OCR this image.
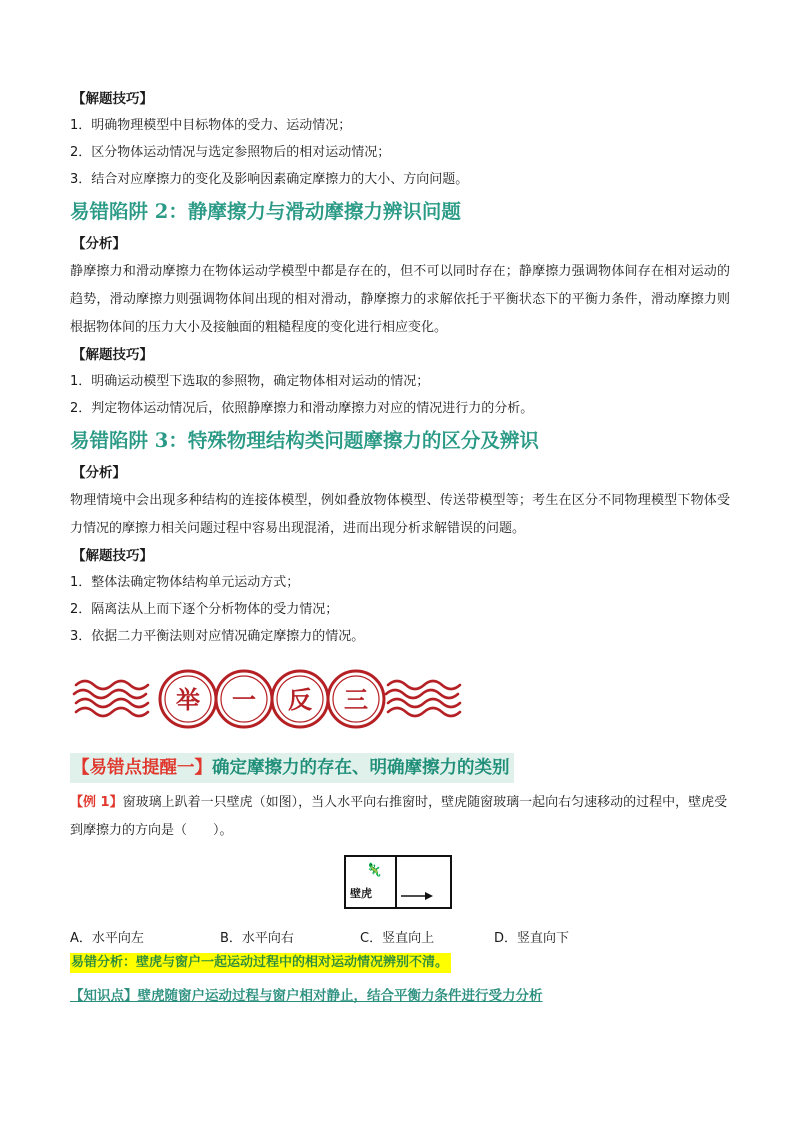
【解题技巧】
1．明确物理模型中目标物体的受力、运动情况；
2．区分物体运动情况与选定参照物后的相对运动情况；
3．结合对应摩擦力的变化及影响因素确定摩擦力的大小、方向问题。
易错陷阱 2：静摩擦力与滑动摩擦力辨识问题
【分析】
静摩擦力和滑动摩擦力在物体运动学模型中都是存在的，但不可以同时存在；静摩擦力强调物体间存在相对运动的趋势，滑动摩擦力则强调物体间出现的相对滑动，静摩擦力的求解依托于平衡状态下的平衡力条件，滑动摩擦力则根据物体间的压力大小及接触面的粗糙程度的变化进行相应变化。
【解题技巧】
1．明确运动模型下选取的参照物，确定物体相对运动的情况；
2．判定物体运动情况后，依照静摩擦力和滑动摩擦力对应的情况进行力的分析。
易错陷阱 3：特殊物理结构类问题摩擦力的区分及辨识
【分析】
物理情境中会出现多种结构的连接体模型，例如叠放物体模型、传送带模型等；考生在区分不同物理模型下物体受力情况的摩擦力相关问题过程中容易出现混淆，进而出现分析求解错误的问题。
【解题技巧】
1．整体法确定物体结构单元运动方式；
2．隔离法从上而下逐个分析物体的受力情况；
3．依据二力平衡法则对应情况确定摩擦力的情况。
举 一 反 三
【易错点提醒一】确定摩擦力的存在、明确摩擦力的类别
【例 1】窗玻璃上趴着一只壁虎（如图），当人水平向右推窗时，壁虎随窗玻璃一起向右匀速移动的过程中，壁虎受到摩擦力的方向是（　　）。
🦎
壁虎
A．水平向左	B．水平向右	C．竖直向上	D．竖直向下
易错分析：壁虎与窗户一起运动过程中的相对运动情况辨别不清。
【知识点】壁虎随窗户运动过程与窗户相对静止，结合平衡力条件进行受力分析
